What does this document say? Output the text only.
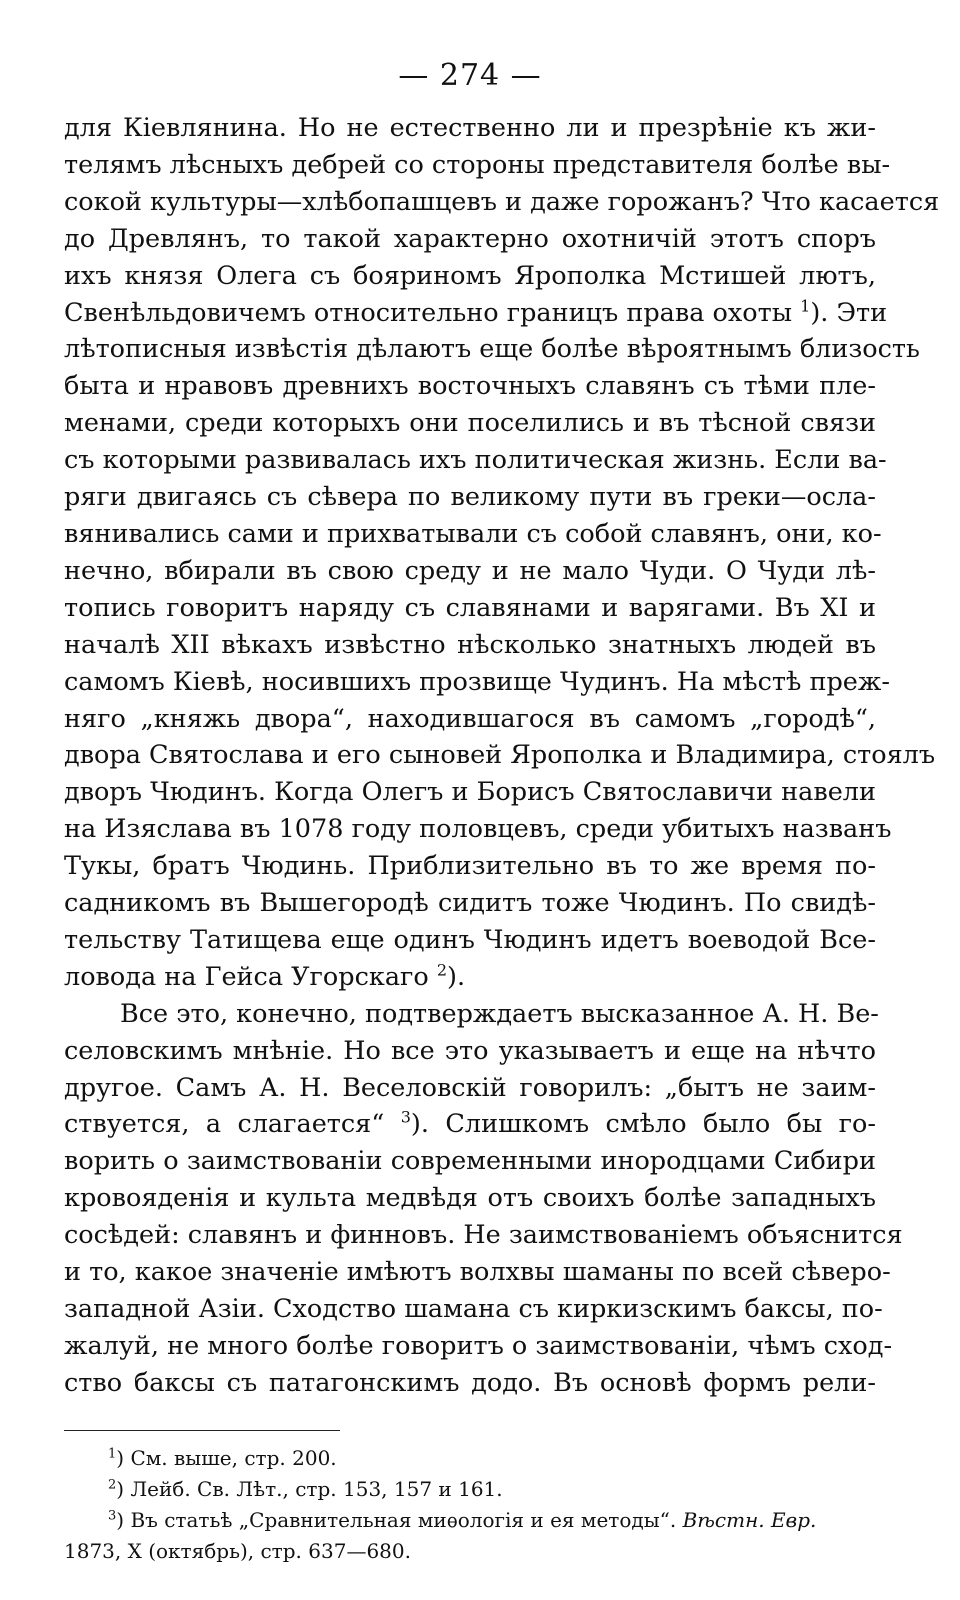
— 274 —
для Кіевлянина. Но не естественно ли и презрѣніе къ жи-
телямъ лѣсныхъ дебрей со стороны представителя болѣе вы-
сокой культуры—хлѣбопашцевъ и даже горожанъ? Что касается
до Древлянъ, то такой характерно охотничій этотъ споръ
ихъ князя Олега съ бояриномъ Ярополка Мстишей лютъ,
Свенѣльдовичемъ относительно границъ права охоты $^1$). Эти
лѣтописныя извѣстія дѣлаютъ еще болѣе вѣроятнымъ близость
быта и нравовъ древнихъ восточныхъ славянъ съ тѣми пле-
менами, среди которыхъ они поселились и въ тѣсной связи
съ которыми развивалась ихъ политическая жизнь. Если ва-
ряги двигаясь съ сѣвера по великому пути въ греки—осла-
вянивались сами и прихватывали съ собой славянъ, они, ко-
нечно, вбирали въ свою среду и не мало Чуди. О Чуди лѣ-
топись говоритъ наряду съ славянами и варягами. Въ XI и
началѣ XII вѣкахъ извѣстно нѣсколько знатныхъ людей въ
самомъ Кіевѣ, носившихъ прозвище Чудинъ. На мѣстѣ преж-
няго „княжь двора“, находившагося въ самомъ „городѣ“,
двора Святослава и его сыновей Ярополка и Владимира, стоялъ
дворъ Чюдинъ. Когда Олегъ и Борисъ Святославичи навели
на Изяслава въ 1078 году половцевъ, среди убитыхъ названъ
Тукы, братъ Чюдинь. Приблизительно въ то же время по-
садникомъ въ Вышегородѣ сидитъ тоже Чюдинъ. По свидѣ-
тельству Татищева еще одинъ Чюдинъ идетъ воеводой Все-
ловода на Гейса Угорскаго $^2$).
Все это, конечно, подтверждаетъ высказанное А. Н. Ве-
селовскимъ мнѣніе. Но все это указываетъ и еще на нѣчто
другое. Самъ А. Н. Веселовскій говорилъ: „бытъ не заим-
ствуется, а слагается“ $^3$). Слишкомъ смѣло было бы го-
ворить о заимствованіи современными инородцами Сибири
кровояденія и культа медвѣдя отъ своихъ болѣе западныхъ
сосѣдей: славянъ и финновъ. Не заимствованіемъ объяснится
и то, какое значеніе имѣютъ волхвы шаманы по всей сѣверо-
западной Азіи. Сходство шамана съ киркизскимъ баксы, по-
жалуй, не много болѣе говоритъ о заимствованіи, чѣмъ сход-
ство баксы съ патагонскимъ додо. Въ основѣ формъ рели-
$^1$) См. выше, стр. 200.
$^2$) Лейб. Св. Лѣт., стр. 153, 157 и 161.
$^3$) Въ статьѣ „Сравнительная миѳологія и ея методы“. Вѣстн. Евр.
1873, X (октябрь), стр. 637—680.
